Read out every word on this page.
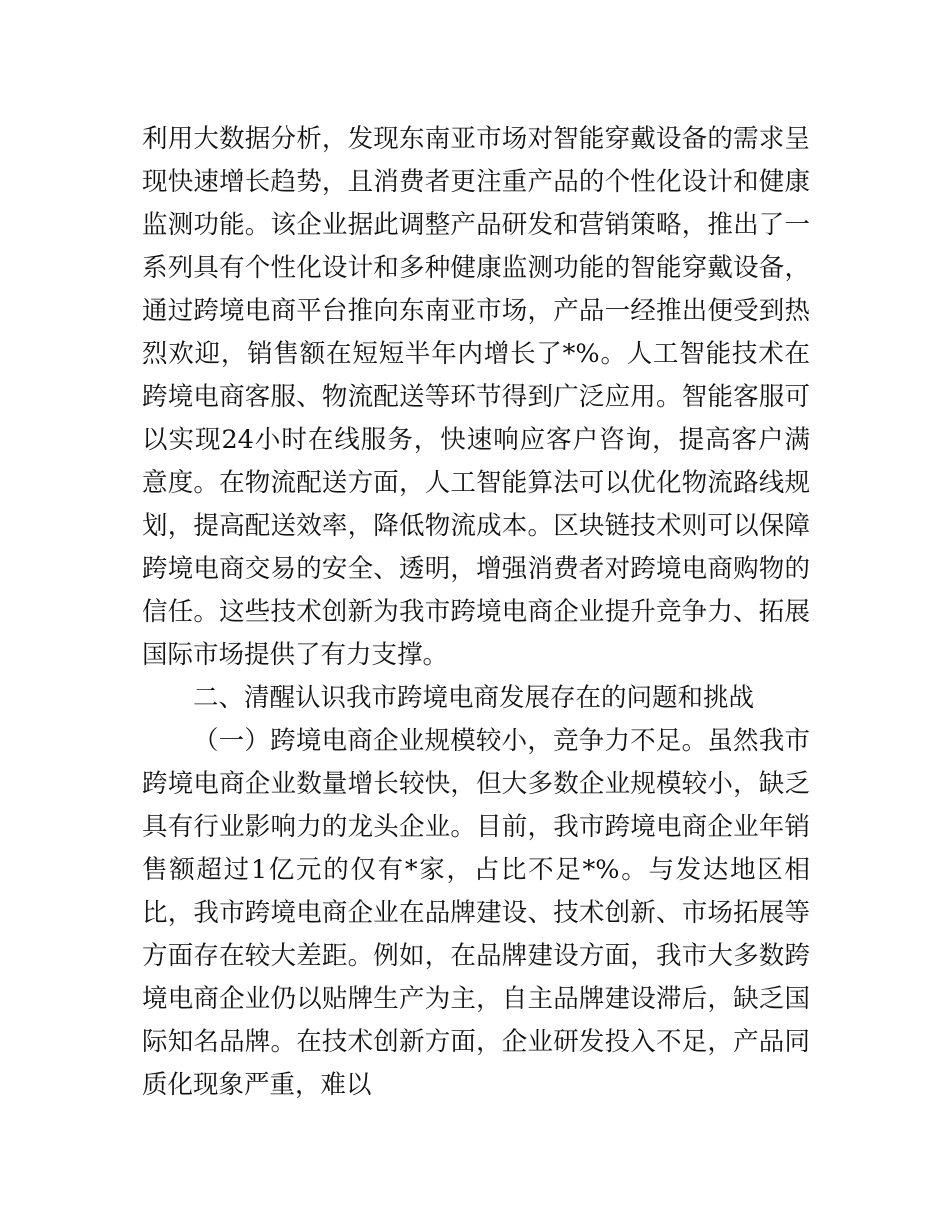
利用大数据分析，发现东南亚市场对智能穿戴设备的需求呈现快速增长趋势，且消费者更注重产品的个性化设计和健康监测功能。该企业据此调整产品研发和营销策略，推出了一系列具有个性化设计和多种健康监测功能的智能穿戴设备，通过跨境电商平台推向东南亚市场，产品一经推出便受到热烈欢迎，销售额在短短半年内增长了*%。人工智能技术在跨境电商客服、物流配送等环节得到广泛应用。智能客服可以实现24小时在线服务，快速响应客户咨询，提高客户满意度。在物流配送方面，人工智能算法可以优化物流路线规划，提高配送效率，降低物流成本。区块链技术则可以保障跨境电商交易的安全、透明，增强消费者对跨境电商购物的信任。这些技术创新为我市跨境电商企业提升竞争力、拓展国际市场提供了有力支撑。

二、清醒认识我市跨境电商发展存在的问题和挑战

（一）跨境电商企业规模较小，竞争力不足。虽然我市跨境电商企业数量增长较快，但大多数企业规模较小，缺乏具有行业影响力的龙头企业。目前，我市跨境电商企业年销售额超过1亿元的仅有*家，占比不足*%。与发达地区相比，我市跨境电商企业在品牌建设、技术创新、市场拓展等方面存在较大差距。例如，在品牌建设方面，我市大多数跨境电商企业仍以贴牌生产为主，自主品牌建设滞后，缺乏国际知名品牌。在技术创新方面，企业研发投入不足，产品同质化现象严重，难以
